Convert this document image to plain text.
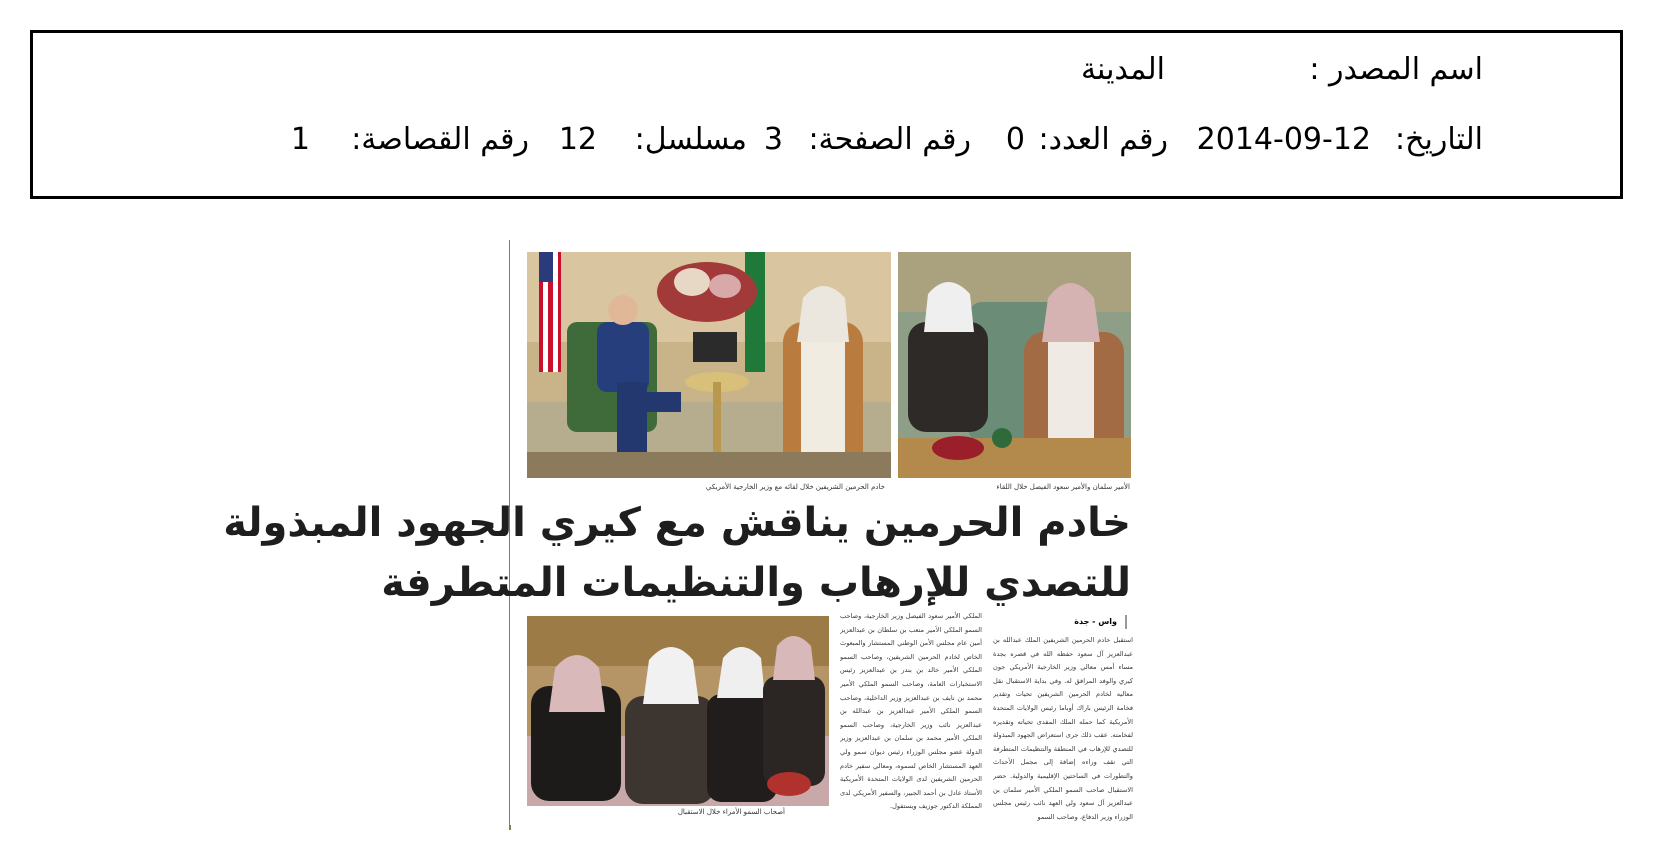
اسم المصدر :
المدينة
التاريخ:
2014-09-12
رقم العدد:
0
رقم الصفحة:
3
مسلسل:
12
رقم القصاصة:
1
خادم الحرمين الشريفين خلال لقائه مع وزير الخارجية الأمريكي	الأمير سلمان والأمير سعود الفيصل خلال اللقاء
خادم الحرمين يناقش مع كيري الجهود المبذولة
للتصدي للإرهاب والتنظيمات المتطرفة
أصحاب السمو الأمراء خلال الاستقبال
واس - جدة
استقبل خادم الحرمين الشريفين الملك عبدالله بن عبدالعزيز آل سعود حفظه الله في قصره بجدة مساء أمس معالي وزير الخارجية الأمريكي جون كيري والوفد المرافق له. وفي بداية الاستقبال نقل معاليه لخادم الحرمين الشريفين تحيات وتقدير فخامة الرئيس باراك أوباما رئيس الولايات المتحدة الأمريكية كما حمله الملك المفدى تحياته وتقديره لفخامته. عقب ذلك جرى استعراض الجهود المبذولة للتصدي للإرهاب في المنطقة والتنظيمات المتطرفة التي تقف وراءه إضافة إلى مجمل الأحداث والتطورات في الساحتين الإقليمية والدولية. حضر الاستقبال صاحب السمو الملكي الأمير سلمان بن عبدالعزيز آل سعود ولي العهد نائب رئيس مجلس الوزراء وزير الدفاع، وصاحب السمو
الملكي الأمير سعود الفيصل وزير الخارجية، وصاحب السمو الملكي الأمير متعب بن سلطان بن عبدالعزيز أمين عام مجلس الأمن الوطني المستشار والمبعوث الخاص لخادم الحرمين الشريفين، وصاحب السمو الملكي الأمير خالد بن بندر بن عبدالعزيز رئيس الاستخبارات العامة، وصاحب السمو الملكي الأمير محمد بن نايف بن عبدالعزيز وزير الداخلية، وصاحب السمو الملكي الأمير عبدالعزيز بن عبدالله بن عبدالعزيز نائب وزير الخارجية، وصاحب السمو الملكي الأمير محمد بن سلمان بن عبدالعزيز وزير الدولة عضو مجلس الوزراء رئيس ديوان سمو ولي العهد المستشار الخاص لسموه، ومعالي سفير خادم الحرمين الشريفين لدى الولايات المتحدة الأمريكية الأستاذ عادل بن أحمد الجبير، والسفير الأمريكي لدى المملكة الدكتور جوزيف ويستفول.
